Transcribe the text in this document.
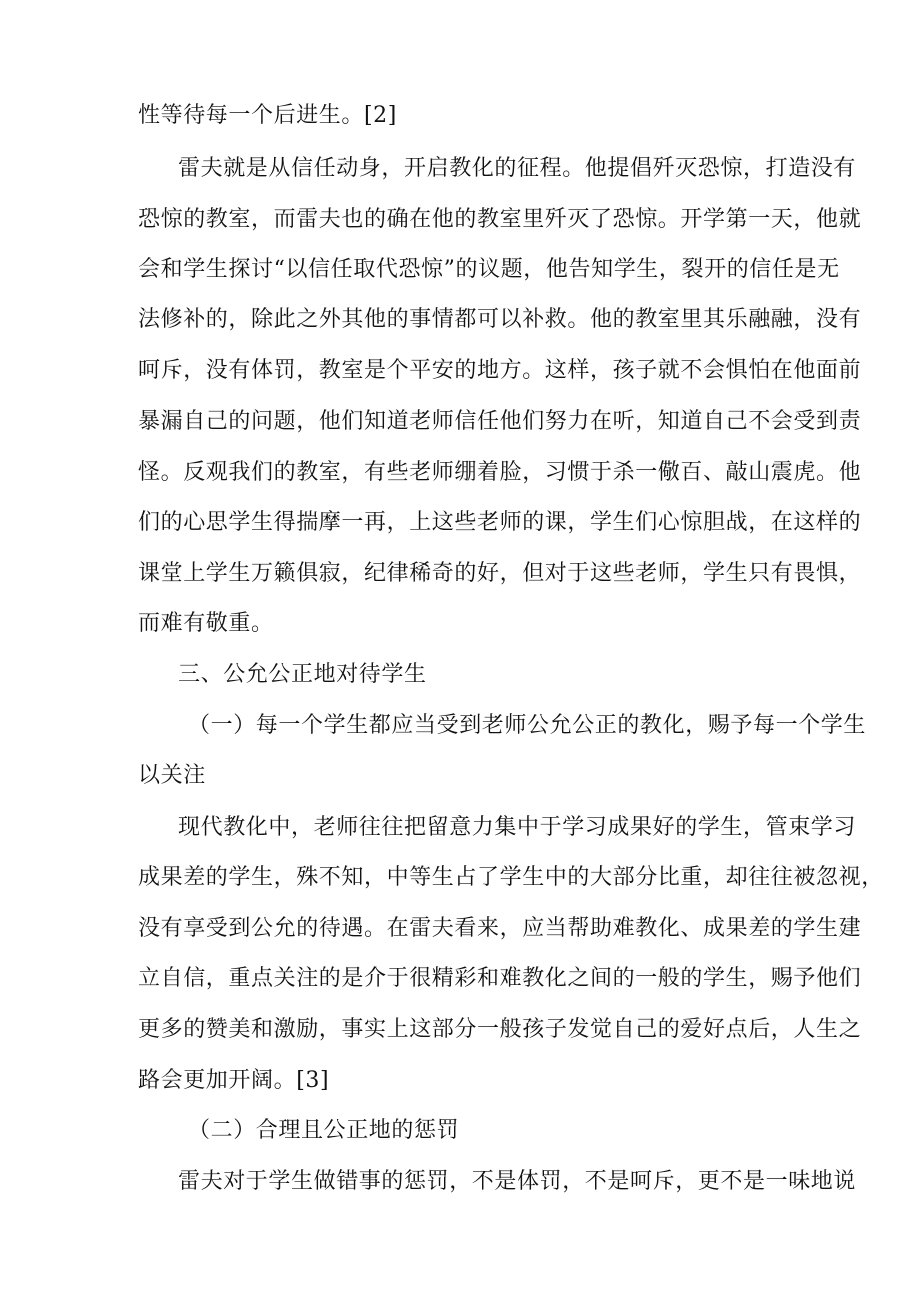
性等待每一个后进生。[2]
雷夫就是从信任动身，开启教化的征程。他提倡歼灭恐惊，打造没有
恐惊的教室，而雷夫也的确在他的教室里歼灭了恐惊。开学第一天，他就
会和学生探讨“以信任取代恐惊”的议题，他告知学生，裂开的信任是无
法修补的，除此之外其他的事情都可以补救。他的教室里其乐融融，没有
呵斥，没有体罚，教室是个平安的地方。这样，孩子就不会惧怕在他面前
暴漏自己的问题，他们知道老师信任他们努力在听，知道自己不会受到责
怪。反观我们的教室，有些老师绷着脸，习惯于杀一儆百、敲山震虎。他
们的心思学生得揣摩一再，上这些老师的课，学生们心惊胆战，在这样的
课堂上学生万籁俱寂，纪律稀奇的好，但对于这些老师，学生只有畏惧，
而难有敬重。
三、公允公正地对待学生
（一）每一个学生都应当受到老师公允公正的教化，赐予每一个学生
以关注
现代教化中，老师往往把留意力集中于学习成果好的学生，管束学习
成果差的学生，殊不知，中等生占了学生中的大部分比重，却往往被忽视，
没有享受到公允的待遇。在雷夫看来，应当帮助难教化、成果差的学生建
立自信，重点关注的是介于很精彩和难教化之间的一般的学生，赐予他们
更多的赞美和激励，事实上这部分一般孩子发觉自己的爱好点后，人生之
路会更加开阔。[3]
（二）合理且公正地的惩罚
雷夫对于学生做错事的惩罚，不是体罚，不是呵斥，更不是一味地说
